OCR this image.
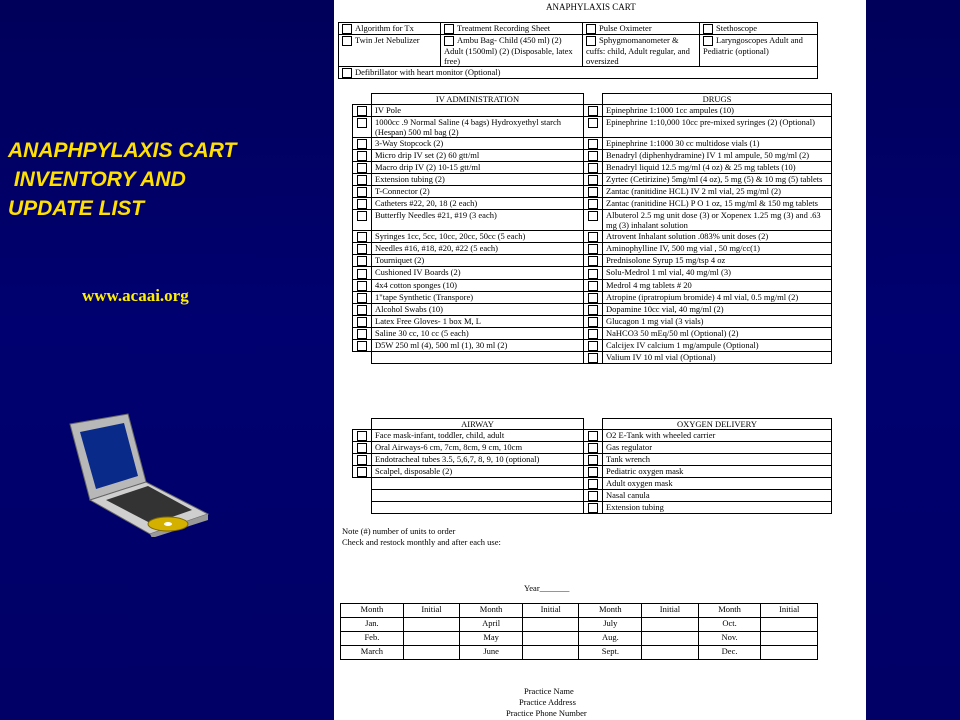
ANAPHPYLAXIS CART
INVENTORY AND
UPDATE LIST
www.acaai.org
ANAPHYLAXIS CART
Algorithm for Tx	Treatment Recording Sheet	Pulse Oximeter	Stethoscope
Twin Jet Nebulizer	Ambu Bag- Child (450 ml) (2) Adult (1500ml) (2) (Disposable, latex free)	Sphygmomanometer & cuffs: child, Adult regular, and oversized	Laryngoscopes Adult and Pediatric (optional)
Defibrillator with heart monitor (Optional)			
	IV ADMINISTRATION		DRUGS
	IV Pole		Epinephrine 1:1000 1cc ampules (10)
	1000cc .9 Normal Saline (4 bags) Hydroxyethyl starch (Hespan) 500 ml bag (2)		Epinephrine 1:10,000 10cc pre-mixed syringes (2) (Optional)
	3-Way Stopcock (2)		Epinephrine 1:1000 30 cc multidose vials (1)
	Micro drip IV set (2) 60 gtt/ml		Benadryl (diphenhydramine) IV 1 ml ampule, 50 mg/ml (2)
	Macro drip IV (2) 10-15 gtt/ml		Benadryl liquid 12.5 mg/ml (4 oz) & 25 mg tablets (10)
	Extension tubing (2)		Zyrtec (Cetirizine) 5mg/ml (4 oz), 5 mg (5) & 10 mg (5) tablets
	T-Connector (2)		Zantac (ranitidine HCL) IV 2 ml vial, 25 mg/ml (2)
	Catheters #22, 20, 18 (2 each)		Zantac (ranitidine HCL) P O 1 oz, 15 mg/ml & 150 mg tablets
	Butterfly Needles #21, #19 (3 each)		Albuterol 2.5 mg unit dose (3) or Xopenex 1.25 mg (3) and .63 mg (3) inhalant solution
	Syringes 1cc, 5cc, 10cc, 20cc, 50cc (5 each)		Atrovent Inhalant solution .083% unit doses (2)
	Needles #16, #18, #20, #22 (5 each)		Aminophylline IV, 500 mg vial , 50 mg/cc(1)
	Tourniquet (2)		Prednisolone Syrup 15 mg/tsp 4 oz
	Cushioned IV Boards (2)		Solu-Medrol 1 ml vial, 40 mg/ml (3)
	4x4 cotton sponges (10)		Medrol 4 mg tablets # 20
	1"tape Synthetic (Transpore)		Atropine (ipratropium bromide) 4 ml vial, 0.5 mg/ml (2)
	Alcohol Swabs (10)		Dopamine 10cc vial, 40 mg/ml (2)
	Latex Free Gloves- 1 box M, L		Glucagon 1 mg vial (3 vials)
	Saline 30 cc, 10 cc (5 each)		NaHCO3 50 mEq/50 ml (Optional) (2)
	D5W 250 ml (4), 500 ml (1), 30 ml (2)		Calcijex IV calcium 1 mg/ampule (Optional)
			Valium IV 10 ml vial (Optional)
	AIRWAY		OXYGEN DELIVERY
	Face mask-infant, toddler, child, adult		O2 E-Tank with wheeled carrier
	Oral Airways-6 cm, 7cm, 8cm, 9 cm, 10cm		Gas regulator
	Endotracheal tubes 3.5, 5,6,7, 8, 9, 10 (optional)		Tank wrench
	Scalpel, disposable (2)		Pediatric oxygen mask
			Adult oxygen mask
			Nasal canula
			Extension tubing
Note (#) number of units to order
Check and restock monthly and after each use:
Year_______
Month	Initial	Month	Initial	Month	Initial	Month	Initial
Jan.		April		July		Oct.	
Feb.		May		Aug.		Nov.	
March		June		Sept.		Dec.	
Practice Name
Practice Address
Practice Phone Number
